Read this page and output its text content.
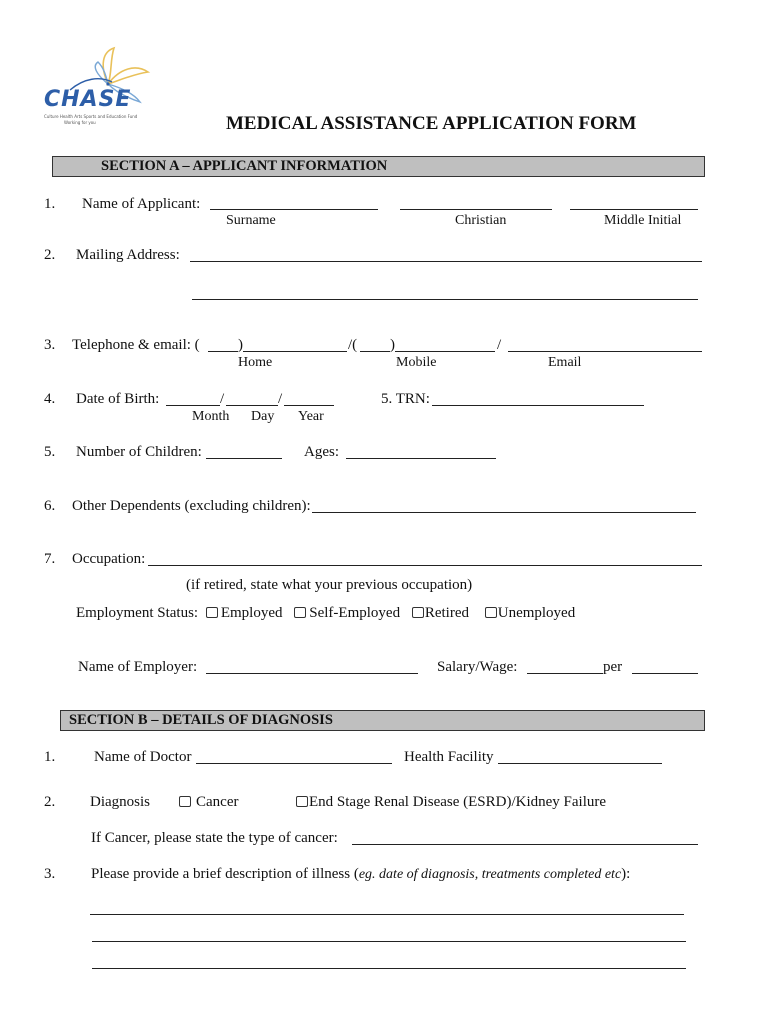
CHASE
Culture Health Arts Sports and Education Fund
Working for you	MEDICAL ASSISTANCE APPLICATION FORM
SECTION A – APPLICANT INFORMATION
1. Name of Applicant:
Surname	Christian	Middle Initial
2. Mailing Address:
3. Telephone & email: (	)	/( )	/
Home	Mobile	Email
4. Date of Birth:	/	/
Month Day Year
5. TRN:
5. Number of Children:	Ages:
6. Other Dependents (excluding children):
7. Occupation:
(if retired, state what your previous occupation)
Employment Status: Employed Self-Employed Retired Unemployed
Name of Employer:	Salary/Wage:	per
SECTION B – DETAILS OF DIAGNOSIS
1.	Name of Doctor	Health Facility
2. Diagnosis	Cancer	End Stage Renal Disease (ESRD)/Kidney Failure
If Cancer, please state the type of cancer:
3. Please provide a brief description of illness (eg. date of diagnosis, treatments completed etc):
